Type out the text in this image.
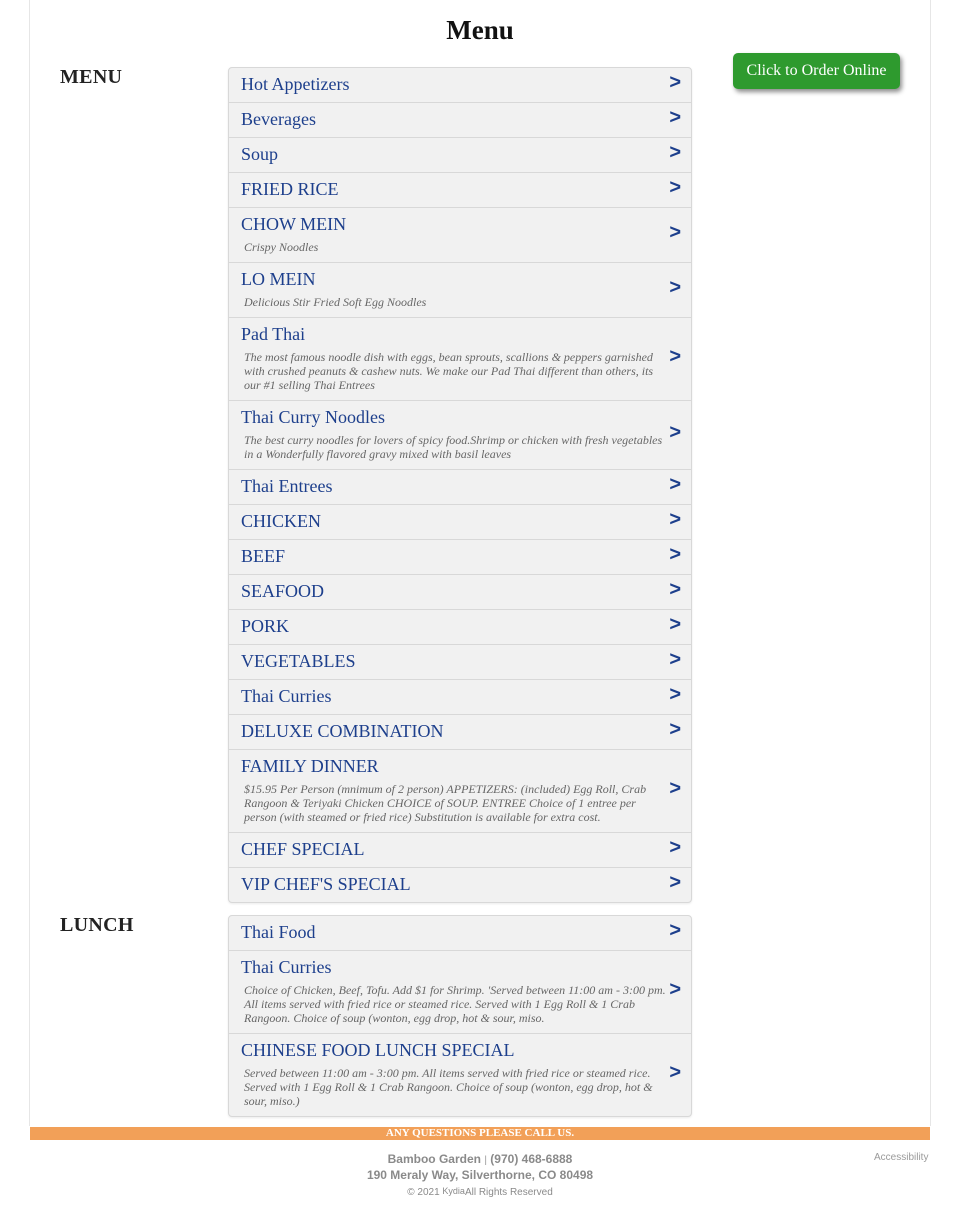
Menu
Click to Order Online
MENU	Hot Appetizers	>
Beverages	>
Soup	>
FRIED RICE	>
CHOW MEIN
Crispy Noodles
>
LO MEIN
Delicious Stir Fried Soft Egg Noodles
>
Pad Thai
The most famous noodle dish with eggs, bean sprouts, scallions & peppers garnished with crushed peanuts & cashew nuts. We make our Pad Thai different than others, its our #1 selling Thai Entrees
>
Thai Curry Noodles
The best curry noodles for lovers of spicy food.Shrimp or chicken with fresh vegetables in a Wonderfully flavored gravy mixed with basil leaves
>
Thai Entrees	>
CHICKEN	>
BEEF	>
SEAFOOD	>
PORK	>
VEGETABLES	>
Thai Curries	>
DELUXE COMBINATION	>
FAMILY DINNER
$15.95 Per Person (mnimum of 2 person) APPETIZERS: (included) Egg Roll, Crab Rangoon & Teriyaki Chicken CHOICE of SOUP. ENTREE Choice of 1 entree per person (with steamed or fried rice) Substitution is available for extra cost.
>
CHEF SPECIAL	>
VIP CHEF'S SPECIAL	>
LUNCH	Thai Food	>
Thai Curries
Choice of Chicken, Beef, Tofu. Add $1 for Shrimp. 'Served between 11:00 am - 3:00 pm. All items served with fried rice or steamed rice. Served with 1 Egg Roll & 1 Crab Rangoon. Choice of soup (wonton, egg drop, hot & sour, miso. 
>
CHINESE FOOD LUNCH SPECIAL
Served between 11:00 am - 3:00 pm. All items served with fried rice or steamed rice. Served with 1 Egg Roll & 1 Crab Rangoon. Choice of soup (wonton, egg drop, hot & sour, miso.)
>
ANY QUESTIONS PLEASE CALL US.
Bamboo Garden | (970) 468-6888
190 Meraly Way, Silverthorne, CO 80498
© 2021 KydiaAll Rights Reserved
Accessibility
